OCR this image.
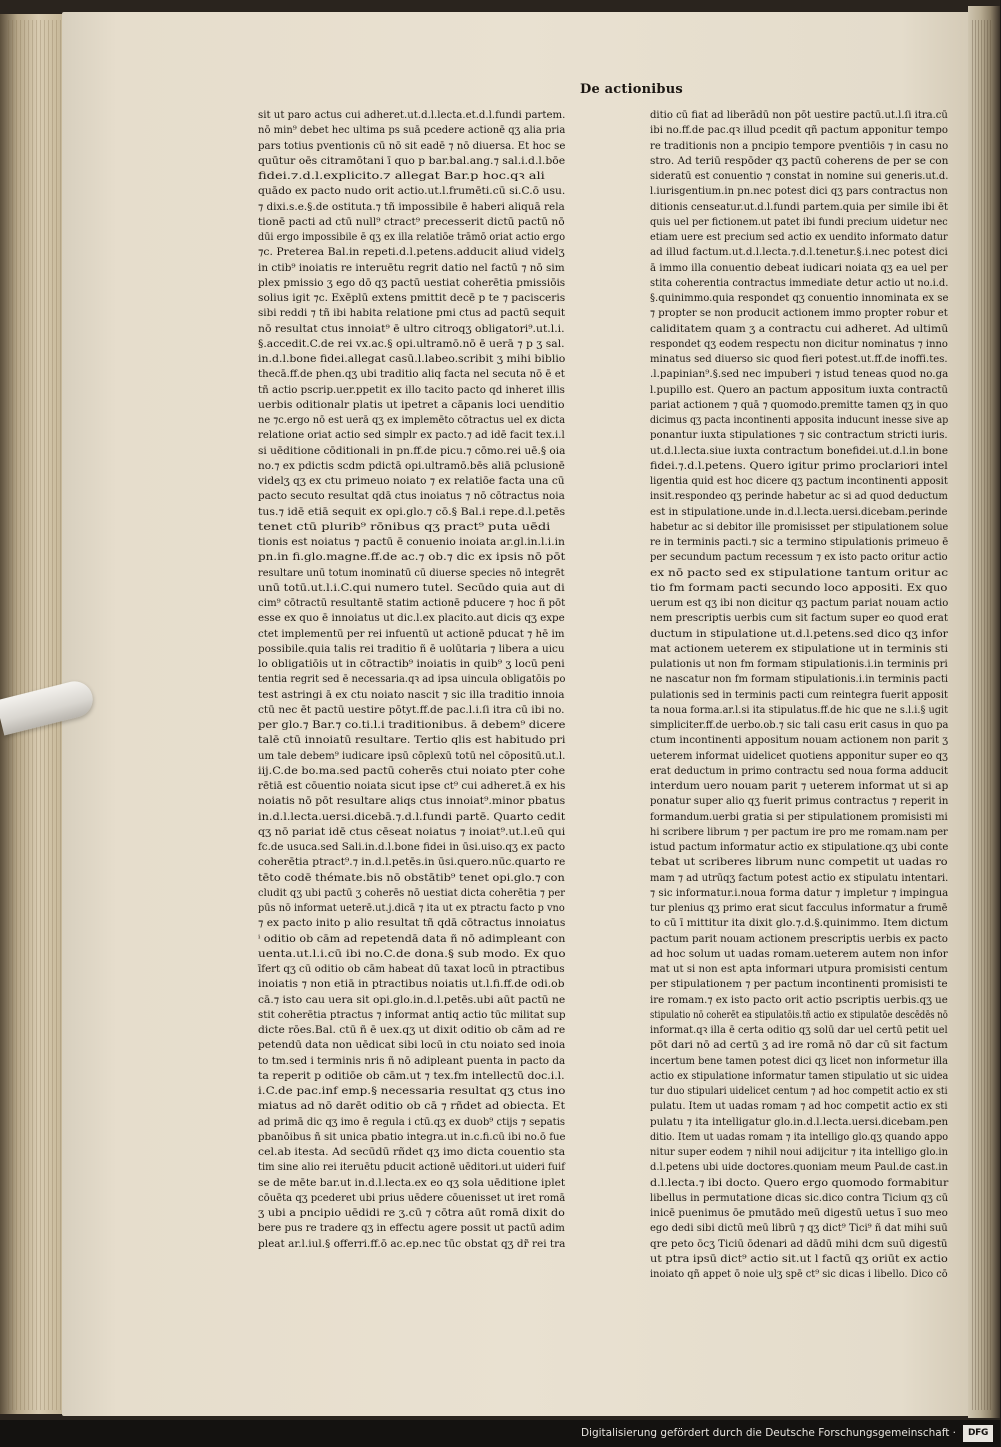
De actionibus
sit ut paro actus cui adheret.ut.d.l.lecta.et.d.l.fundi partem.
nō min⁹ debet hec ultima ps suā pcedere actionē qʒ alia pria
pars totius pventionis cū nō sit eadē ⁊ nō diuersa. Et hoc se
quūtur oēs citramōtani ī quo p bar.bal.ang.⁊ sal.i.d.l.bōe
fidei.⁊.d.l.explicito.⁊ allegat Bar.p hoc.qꝛ ali
quādo ex pacto nudo orit actio.ut.l.frumēti.cū si.C.ō usu.
⁊ dixi.s.e.§.de ostituta.⁊ tñ impossibile ē haberi aliquā rela
tionē pacti ad ctū null⁹ ctract⁹ precesserit dictū pactū nō
dūi ergo impossibile ē qʒ ex illa relatiōe trāmō oriat actio ergo
⁊c. Preterea Bal.in repeti.d.l.petens.adducit aliud videlʒ
in ctib⁹ inoiatis re interuētu regrit datio nel factū ⁊ nō sim
plex pmissio ʒ ego dō qʒ pactū uestiat coherētia pmissiōis
solius igit ⁊c. Exēplū extens pmittit decē p te ⁊ pacisceris
sibi reddi ⁊ tñ ibi habita relatione pmi ctus ad pactū sequit
nō resultat ctus innoiat⁹ ē ultro citroqʒ obligatori⁹.ut.l.i.
§.accedit.C.de rei vx.ac.§ opi.ultramō.nō ē uerā ⁊ p ʒ sal.
in.d.l.bone fidei.allegat casū.l.labeo.scribit ʒ mihi biblio
thecā.ff.de phen.qʒ ubi traditio aliq facta nel secuta nō ē et
tñ actio pscrip.uer.ppetit ex illo tacito pacto qd inheret illis
uerbis oditionalr platis ut ipetret a cāpanis loci uenditio
ne ⁊c.ergo nō est uerā qʒ ex implemēto cōtractus uel ex dicta
relatione oriat actio sed simplr ex pacto.⁊ ad idē facit tex.i.l
si uēditione cōditionali in pn.ff.de picu.⁊ cōmo.rei uē.§ oia
no.⁊ ex pdictis scdm pdictā opi.ultramō.bēs aliā pclusionē
videlʒ qʒ ex ctu primeuo noiato ⁊ ex relatiōe facta una cū
pacto secuto resultat qdā ctus inoiatus ⁊ nō cōtractus noia
tus.⁊ idē etiā sequit ex opi.glo.⁊ cō.§ Bal.i repe.d.l.petēs
tenet ctū plurib⁹ rōnibus qʒ pract⁹ puta uēdi
tionis est noiatus ⁊ pactū ē conuenio inoiata ar.gl.in.l.i.in
pn.in fi.glo.magne.ff.de ac.⁊ ob.⁊ dic ex ipsis nō pōt
resultare unū totum inominatū cū diuerse species nō integrēt
unū totū.ut.l.i.C.qui numero tutel. Secūdo quia aut di
cim⁹ cōtractū resultantē statim actionē pducere ⁊ hoc ñ pōt
esse ex quo ē innoiatus ut dic.l.ex placito.aut dicis qʒ expe
ctet implementū per rei infuentū ut actionē pducat ⁊ hē im
possibile.quia talis rei traditio ñ ē uolūtaria ⁊ libera a uicu
lo obligatiōis ut in cōtractib⁹ inoiatis in quib⁹ ʒ locū peni
tentia regrit sed ē necessaria.qꝛ ad ipsa uincula obligatōis po
test astringi ā ex ctu noiato nascit ⁊ sic illa traditio innoia
ctū nec ēt pactū uestire pōtyt.ff.de pac.l.i.ſi itra cū ibi no.
per glo.⁊ Bar.⁊ co.ti.l.i traditionibus. ā debem⁹ dicere
talē ctū innoiatū resultare. Tertio qlis est habitudo pri
um tale debem⁹ iudicare ipsū cōplexū totū nel cōpositū.ut.l.
iij.C.de bo.ma.sed pactū coherēs ctui noiato pter cohe
rētiā est cōuentio noiata sicut ipse ct⁹ cui adheret.ā ex his
noiatis nō pōt resultare aliqs ctus innoiat⁹.minor pbatus
in.d.l.lecta.uersi.dicebā.⁊.d.l.fundi partē. Quarto cedit
qʒ nō pariat idē ctus cēseat noiatus ⁊ inoiat⁹.ut.l.eū qui
fc.de usuca.sed Sali.in.d.l.bone fidei in ūsi.uiso.qʒ ex pacto
coherētia ptract⁹.⁊ in.d.l.petēs.in ūsi.quero.nūc.quarto re
tēto codē thémate.bis nō obstātib⁹ tenet opi.glo.⁊ con
cludit qʒ ubi pactū ʒ coherēs nō uestiat dicta coherētia ⁊ per
pūs nō informat ueterē.ut.j.dicā ⁊ ita ut ex ptractu facto p vno
⁊ ex pacto inito p alio resultat tñ qdā cōtractus innoiatus
ⁱ oditio ob cām ad repetendā data ñ nō adimpleant con
uenta.ut.l.i.cū ibi no.C.de dona.§ sub modo. Ex quo
īfert qʒ cū oditio ob cām habeat dū taxat locū in ptractibus
inoiatis ⁊ non etiā in ptractibus noiatis ut.l.fi.ff.de odi.ob
cā.⁊ isto cau uera sit opi.glo.in.d.l.petēs.ubi aūt pactū ne
stit coherētia ptractus ⁊ informat antiq actio tūc militat sup
dicte rōes.Bal. ctū ñ ē uex.qʒ ut dixit oditio ob cām ad re
petendū data non uēdicat sibi locū in ctu noiato sed inoia
to tm.sed i terminis nris ñ nō adipleant puenta in pacto da
ta reperit p oditiōe ob cām.ut ⁊ tex.fm intellectū doc.i.l.
i.C.de pac.inf emp.§ necessaria resultat qʒ ctus ino
miatus ad nō darēt oditio ob cā ⁊ rñdet ad obiecta. Et
ad primā dic qʒ imo ē regula i ctū.qʒ ex duob⁹ ctijs ⁊ sepatis
pbanōibus ñ sit unica pbatio integra.ut in.c.fi.cū ibi no.ō fue
cel.ab itesta. Ad secūdū rñdet qʒ imo dicta couentio sta
tim sine alio rei iteruētu pducit actionē uēditori.ut uideri fuif
se de mēte bar.ut in.d.l.lecta.ex eo qʒ sola uēditione iplet
cōuēta qʒ pcederet ubi prius uēdere cōuenisset ut iret romā
ʒ ubi a pncipio uēdidi re ʒ.cū ⁊ cōtra aūt romā dixit do
bere pus re tradere qʒ in effectu agere possit ut pactū adim
pleat ar.l.iul.§ offerri.ff.ō ac.ep.nec tūc obstat qʒ dr̃ rei tra
ditio cū fiat ad liberādū non pōt uestire pactū.ut.l.ſi itra.cū
ibi no.ff.de pac.qꝛ illud pcedit qñ pactum apponitur tempo
re traditionis non a pncipio tempore pventiōis ⁊ in casu no
stro. Ad teriū respōder qʒ pactū coherens de per se con
sideratū est conuentio ⁊ constat in nomine sui generis.ut.d.
l.iurisgentium.in pn.nec potest dici qʒ pars contractus non
ditionis censeatur.ut.d.l.fundi partem.quia per simile ibi ēt
quis uel per fictionem.ut patet ibi fundi precium uidetur nec
etiam uere est precium sed actio ex uendito informato datur
ad illud factum.ut.d.l.lecta.⁊.d.l.tenetur.§.i.nec potest dici
ā immo illa conuentio debeat iudicari noiata qʒ ea uel per
stita coherentia contractus immediate detur actio ut no.i.d.
§.quinimmo.quia respondet qʒ conuentio innominata ex se
⁊ propter se non producit actionem immo propter robur et
caliditatem quam ʒ a contractu cui adheret. Ad ultimū
respondet qʒ eodem respectu non dicitur nominatus ⁊ inno
minatus sed diuerso sic quod fieri potest.ut.ff.de inoffi.tes.
.l.papinian⁹.§.sed nec impuberi ⁊ istud teneas quod no.ga
l.pupillo est. Quero an pactum appositum iuxta contractū
pariat actionem ⁊ quā ⁊ quomodo.premitte tamen qʒ in quo
dicimus qʒ pacta incontinenti apposita inducunt inesse sive ap
ponantur iuxta stipulationes ⁊ sic contractum stricti iuris.
ut.d.l.lecta.siue iuxta contractum bonefidei.ut.d.l.in bone
fidei.⁊.d.l.petens. Quero igitur primo proclariori intel
ligentia quid est hoc dicere qʒ pactum incontinenti apposit
insit.respondeo qʒ perinde habetur ac si ad quod deductum
est in stipulatione.unde in.d.l.lecta.uersi.dicebam.perinde
habetur ac si debitor ille promisisset per stipulationem solue
re in terminis pacti.⁊ sic a termino stipulationis primeuo ē
per secundum pactum recessum ⁊ ex isto pacto oritur actio
ex nō pacto sed ex stipulatione tantum oritur ac
tio fm formam pacti secundo loco appositi. Ex quo
uerum est qʒ ibi non dicitur qʒ pactum pariat nouam actio
nem prescriptis uerbis cum sit factum super eo quod erat
ductum in stipulatione ut.d.l.petens.sed dico qʒ infor
mat actionem ueterem ex stipulatione ut in terminis sti
pulationis ut non fm formam stipulationis.i.in terminis pri
ne nascatur non fm formam stipulationis.i.in terminis pacti
pulationis sed in terminis pacti cum reintegra fuerit apposit
ta noua forma.ar.l.si ita stipulatus.ff.de hic que ne s.l.i.§ ugit
simpliciter.ff.de uerbo.ob.⁊ sic tali casu erit casus in quo pa
ctum incontinenti appositum nouam actionem non parit ʒ
ueterem informat uidelicet quotiens apponitur super eo qʒ
erat deductum in primo contractu sed noua forma adducit
interdum uero nouam parit ⁊ ueterem informat ut si ap
ponatur super alio qʒ fuerit primus contractus ⁊ reperit in
formandum.uerbi gratia si per stipulationem promisisti mi
hi scribere librum ⁊ per pactum ire pro me romam.nam per
istud pactum informatur actio ex stipulatione.qʒ ubi conte
tebat ut scriberes librum nunc competit ut uadas ro
mam ⁊ ad utrūqʒ factum potest actio ex stipulatu intentari.
⁊ sic informatur.i.noua forma datur ⁊ impletur ⁊ impingua
tur plenius qʒ primo erat sicut facculus informatur a frumē
to cū ī mittitur ita dixit glo.⁊.d.§.quinimmo. Item dictum
pactum parit nouam actionem prescriptis uerbis ex pacto
ad hoc solum ut uadas romam.ueterem autem non infor
mat ut si non est apta informari utpura promisisti centum
per stipulationem ⁊ per pactum incontinenti promisisti te
ire romam.⁊ ex isto pacto orit actio pscriptis uerbis.qʒ ue
stipulatio nō coherēt ea stipulatōis.tñ actio ex stipulatōe descēdēs nō
informat.qꝛ illa ē certa oditio qʒ solū dar uel certū petit uel
pōt dari nō ad certū ʒ ad ire romā nō dar cū sit factum
incertum bene tamen potest dici qʒ licet non informetur illa
actio ex stipulatione informatur tamen stipulatio ut sic uidea
tur duo stipulari uidelicet centum ⁊ ad hoc competit actio ex sti
pulatu. Item ut uadas romam ⁊ ad hoc competit actio ex sti
pulatu ⁊ ita intelligatur glo.in.d.l.lecta.uersi.dicebam.pen
ditio. Item ut uadas romam ⁊ ita intelligo glo.qʒ quando appo
nitur super eodem ⁊ nihil noui adijcitur ⁊ ita intelligo glo.in
d.l.petens ubi uide doctores.quoniam meum Paul.de cast.in
d.l.lecta.⁊ ibi docto. Quero ergo quomodo formabitur
libellus in permutatione dicas sic.dico contra Ticium qʒ cū
inicē puenimus ōe pmutādo meū digestū uetus ī suo meo
ego dedi sibi dictū meū librū ⁊ qʒ dict⁹ Tici⁹ ñ dat mihi suū
qre peto ōcʒ Ticiū ōdenari ad dādū mihi dcm suū digestū
ut ptra ipsū dict⁹ actio sit.ut l factū qʒ oriūt ex actio
inoiato qñ appet ō noie ulʒ spē ct⁹ sic dicas i libello. Dico cō
Digitalisierung gefördert durch die Deutsche Forschungsgemeinschaft ·	DFG
